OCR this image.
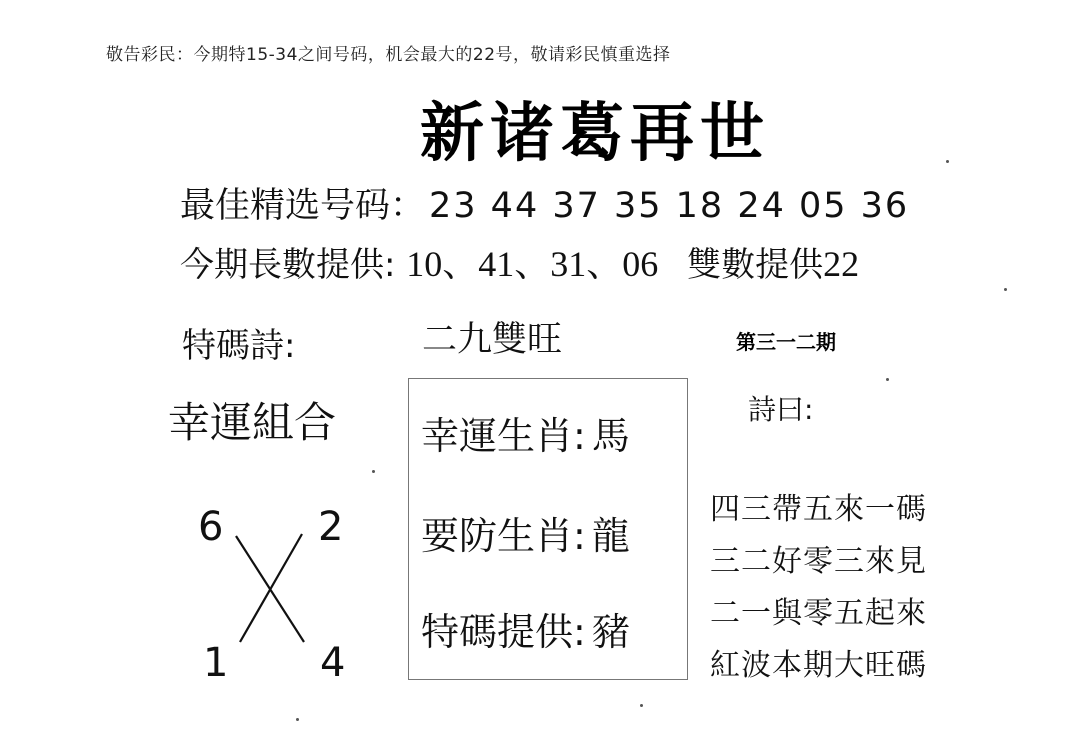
敬告彩民：今期特15-34之间号码，机会最大的22号，敬请彩民慎重选择
新诸葛再世
最佳精选号码： 23 44 37 35 18 24 05 36
今期長數提供: 10、41、31、06 雙數提供22
特碼詩:	二九雙旺	第三一二期
幸運組合
6 2
1 4
幸運生肖: 馬
要防生肖: 龍
特碼提供: 豬
詩曰:
四三帶五來一碼
三二好零三來見
二一與零五起來
紅波本期大旺碼
